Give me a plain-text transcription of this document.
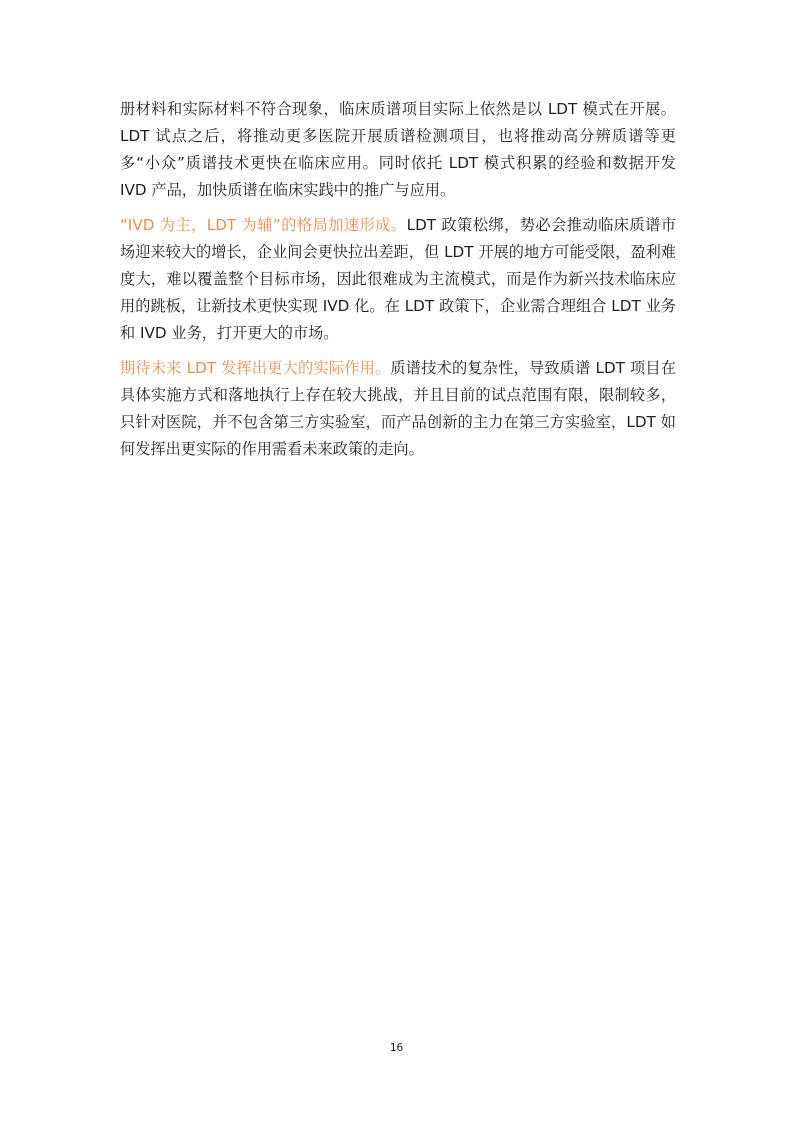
册材料和实际材料不符合现象，临床质谱项目实际上依然是以 LDT 模式在开展。LDT 试点之后，将推动更多医院开展质谱检测项目，也将推动高分辨质谱等更多“小众”质谱技术更快在临床应用。同时依托 LDT 模式积累的经验和数据开发 IVD 产品，加快质谱在临床实践中的推广与应用。

“IVD 为主，LDT 为辅”的格局加速形成。LDT 政策松绑，势必会推动临床质谱市场迎来较大的增长，企业间会更快拉出差距，但 LDT 开展的地方可能受限，盈利难度大，难以覆盖整个目标市场，因此很难成为主流模式，而是作为新兴技术临床应用的跳板，让新技术更快实现 IVD 化。在 LDT 政策下，企业需合理组合 LDT 业务和 IVD 业务，打开更大的市场。

期待未来 LDT 发挥出更大的实际作用。质谱技术的复杂性，导致质谱 LDT 项目在具体实施方式和落地执行上存在较大挑战，并且目前的试点范围有限，限制较多，只针对医院，并不包含第三方实验室，而产品创新的主力在第三方实验室，LDT 如何发挥出更实际的作用需看未来政策的走向。

16
